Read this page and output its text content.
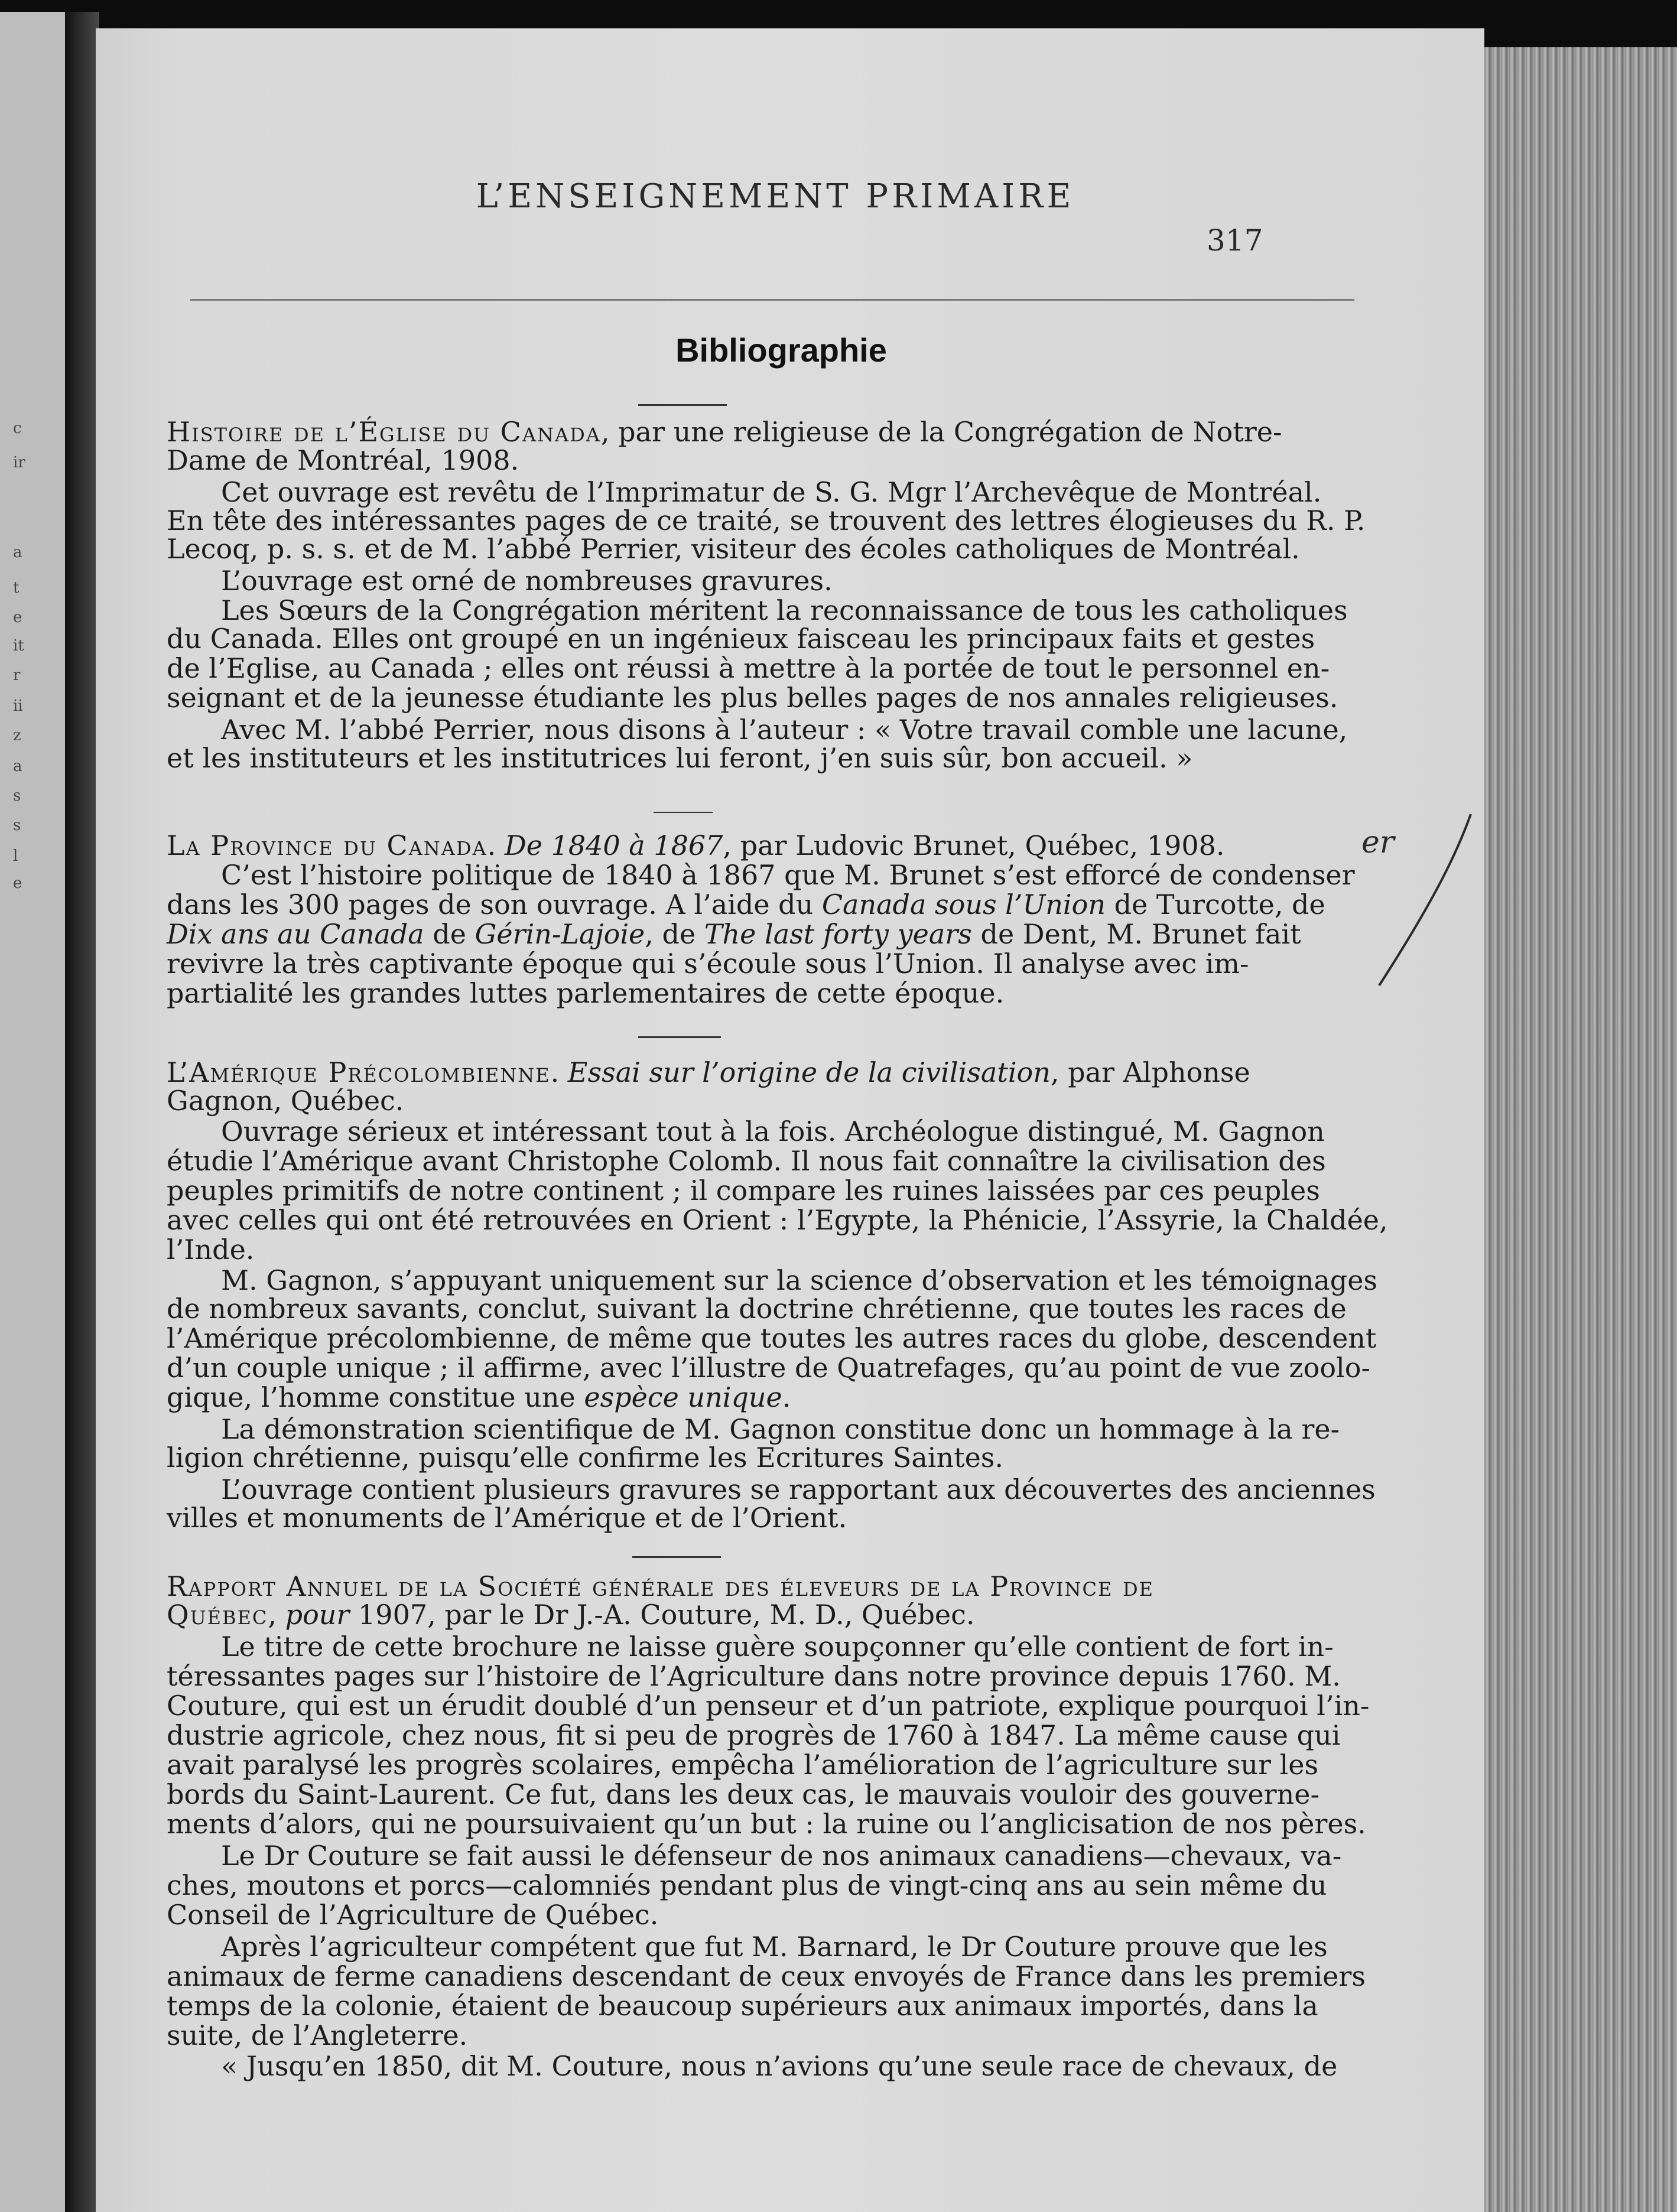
c
ir
a
t
e
it
r
ii
z
a
s
s
l
e
L’ENSEIGNEMENT PRIMAIRE
317
Bibliographie
Histoire de l’Église du Canada, par une religieuse de la Congrégation de Notre-
Dame de Montréal, 1908.
  Cet ouvrage est revêtu de l’Imprimatur de S. G. Mgr l’Archevêque de Montréal.
En tête des intéressantes pages de ce traité, se trouvent des lettres élogieuses du R. P.
Lecoq, p. s. s. et de M. l’abbé Perrier, visiteur des écoles catholiques de Montréal.
  L’ouvrage est orné de nombreuses gravures.
  Les Sœurs de la Congrégation méritent la reconnaissance de tous les catholiques
du Canada. Elles ont groupé en un ingénieux faisceau les principaux faits et gestes
de l’Eglise, au Canada ; elles ont réussi à mettre à la portée de tout le personnel en-
seignant et de la jeunesse étudiante les plus belles pages de nos annales religieuses.
  Avec M. l’abbé Perrier, nous disons à l’auteur : « Votre travail comble une lacune,
et les instituteurs et les institutrices lui feront, j’en suis sûr, bon accueil. »
La Province du Canada. De 1840 à 1867, par Ludovic Brunet, Québec, 1908.
  C’est l’histoire politique de 1840 à 1867 que M. Brunet s’est efforcé de condenser
dans les 300 pages de son ouvrage. A l’aide du Canada sous l’Union de Turcotte, de
Dix ans au Canada de Gérin-Lajoie, de The last forty years de Dent, M. Brunet fait
revivre la très captivante époque qui s’écoule sous l’Union. Il analyse avec im-
partialité les grandes luttes parlementaires de cette époque.
L’Amérique Précolombienne. Essai sur l’origine de la civilisation, par Alphonse
Gagnon, Québec.
  Ouvrage sérieux et intéressant tout à la fois. Archéologue distingué, M. Gagnon
étudie l’Amérique avant Christophe Colomb. Il nous fait connaître la civilisation des
peuples primitifs de notre continent ; il compare les ruines laissées par ces peuples
avec celles qui ont été retrouvées en Orient : l’Egypte, la Phénicie, l’Assyrie, la Chaldée,
l’Inde.
  M. Gagnon, s’appuyant uniquement sur la science d’observation et les témoignages
de nombreux savants, conclut, suivant la doctrine chrétienne, que toutes les races de
l’Amérique précolombienne, de même que toutes les autres races du globe, descendent
d’un couple unique ; il affirme, avec l’illustre de Quatrefages, qu’au point de vue zoolo-
gique, l’homme constitue une espèce unique.
  La démonstration scientifique de M. Gagnon constitue donc un hommage à la re-
ligion chrétienne, puisqu’elle confirme les Ecritures Saintes.
  L’ouvrage contient plusieurs gravures se rapportant aux découvertes des anciennes
villes et monuments de l’Amérique et de l’Orient.
Rapport Annuel de la Société générale des éleveurs de la Province de
Québec, pour 1907, par le Dr J.-A. Couture, M. D., Québec.
  Le titre de cette brochure ne laisse guère soupçonner qu’elle contient de fort in-
téressantes pages sur l’histoire de l’Agriculture dans notre province depuis 1760. M.
Couture, qui est un érudit doublé d’un penseur et d’un patriote, explique pourquoi l’in-
dustrie agricole, chez nous, fit si peu de progrès de 1760 à 1847. La même cause qui
avait paralysé les progrès scolaires, empêcha l’amélioration de l’agriculture sur les
bords du Saint-Laurent. Ce fut, dans les deux cas, le mauvais vouloir des gouverne-
ments d’alors, qui ne poursuivaient qu’un but : la ruine ou l’anglicisation de nos pères.
  Le Dr Couture se fait aussi le défenseur de nos animaux canadiens—chevaux, va-
ches, moutons et porcs—calomniés pendant plus de vingt-cinq ans au sein même du
Conseil de l’Agriculture de Québec.
  Après l’agriculteur compétent que fut M. Barnard, le Dr Couture prouve que les
animaux de ferme canadiens descendant de ceux envoyés de France dans les premiers
temps de la colonie, étaient de beaucoup supérieurs aux animaux importés, dans la
suite, de l’Angleterre.
  « Jusqu’en 1850, dit M. Couture, nous n’avions qu’une seule race de chevaux, de
er
